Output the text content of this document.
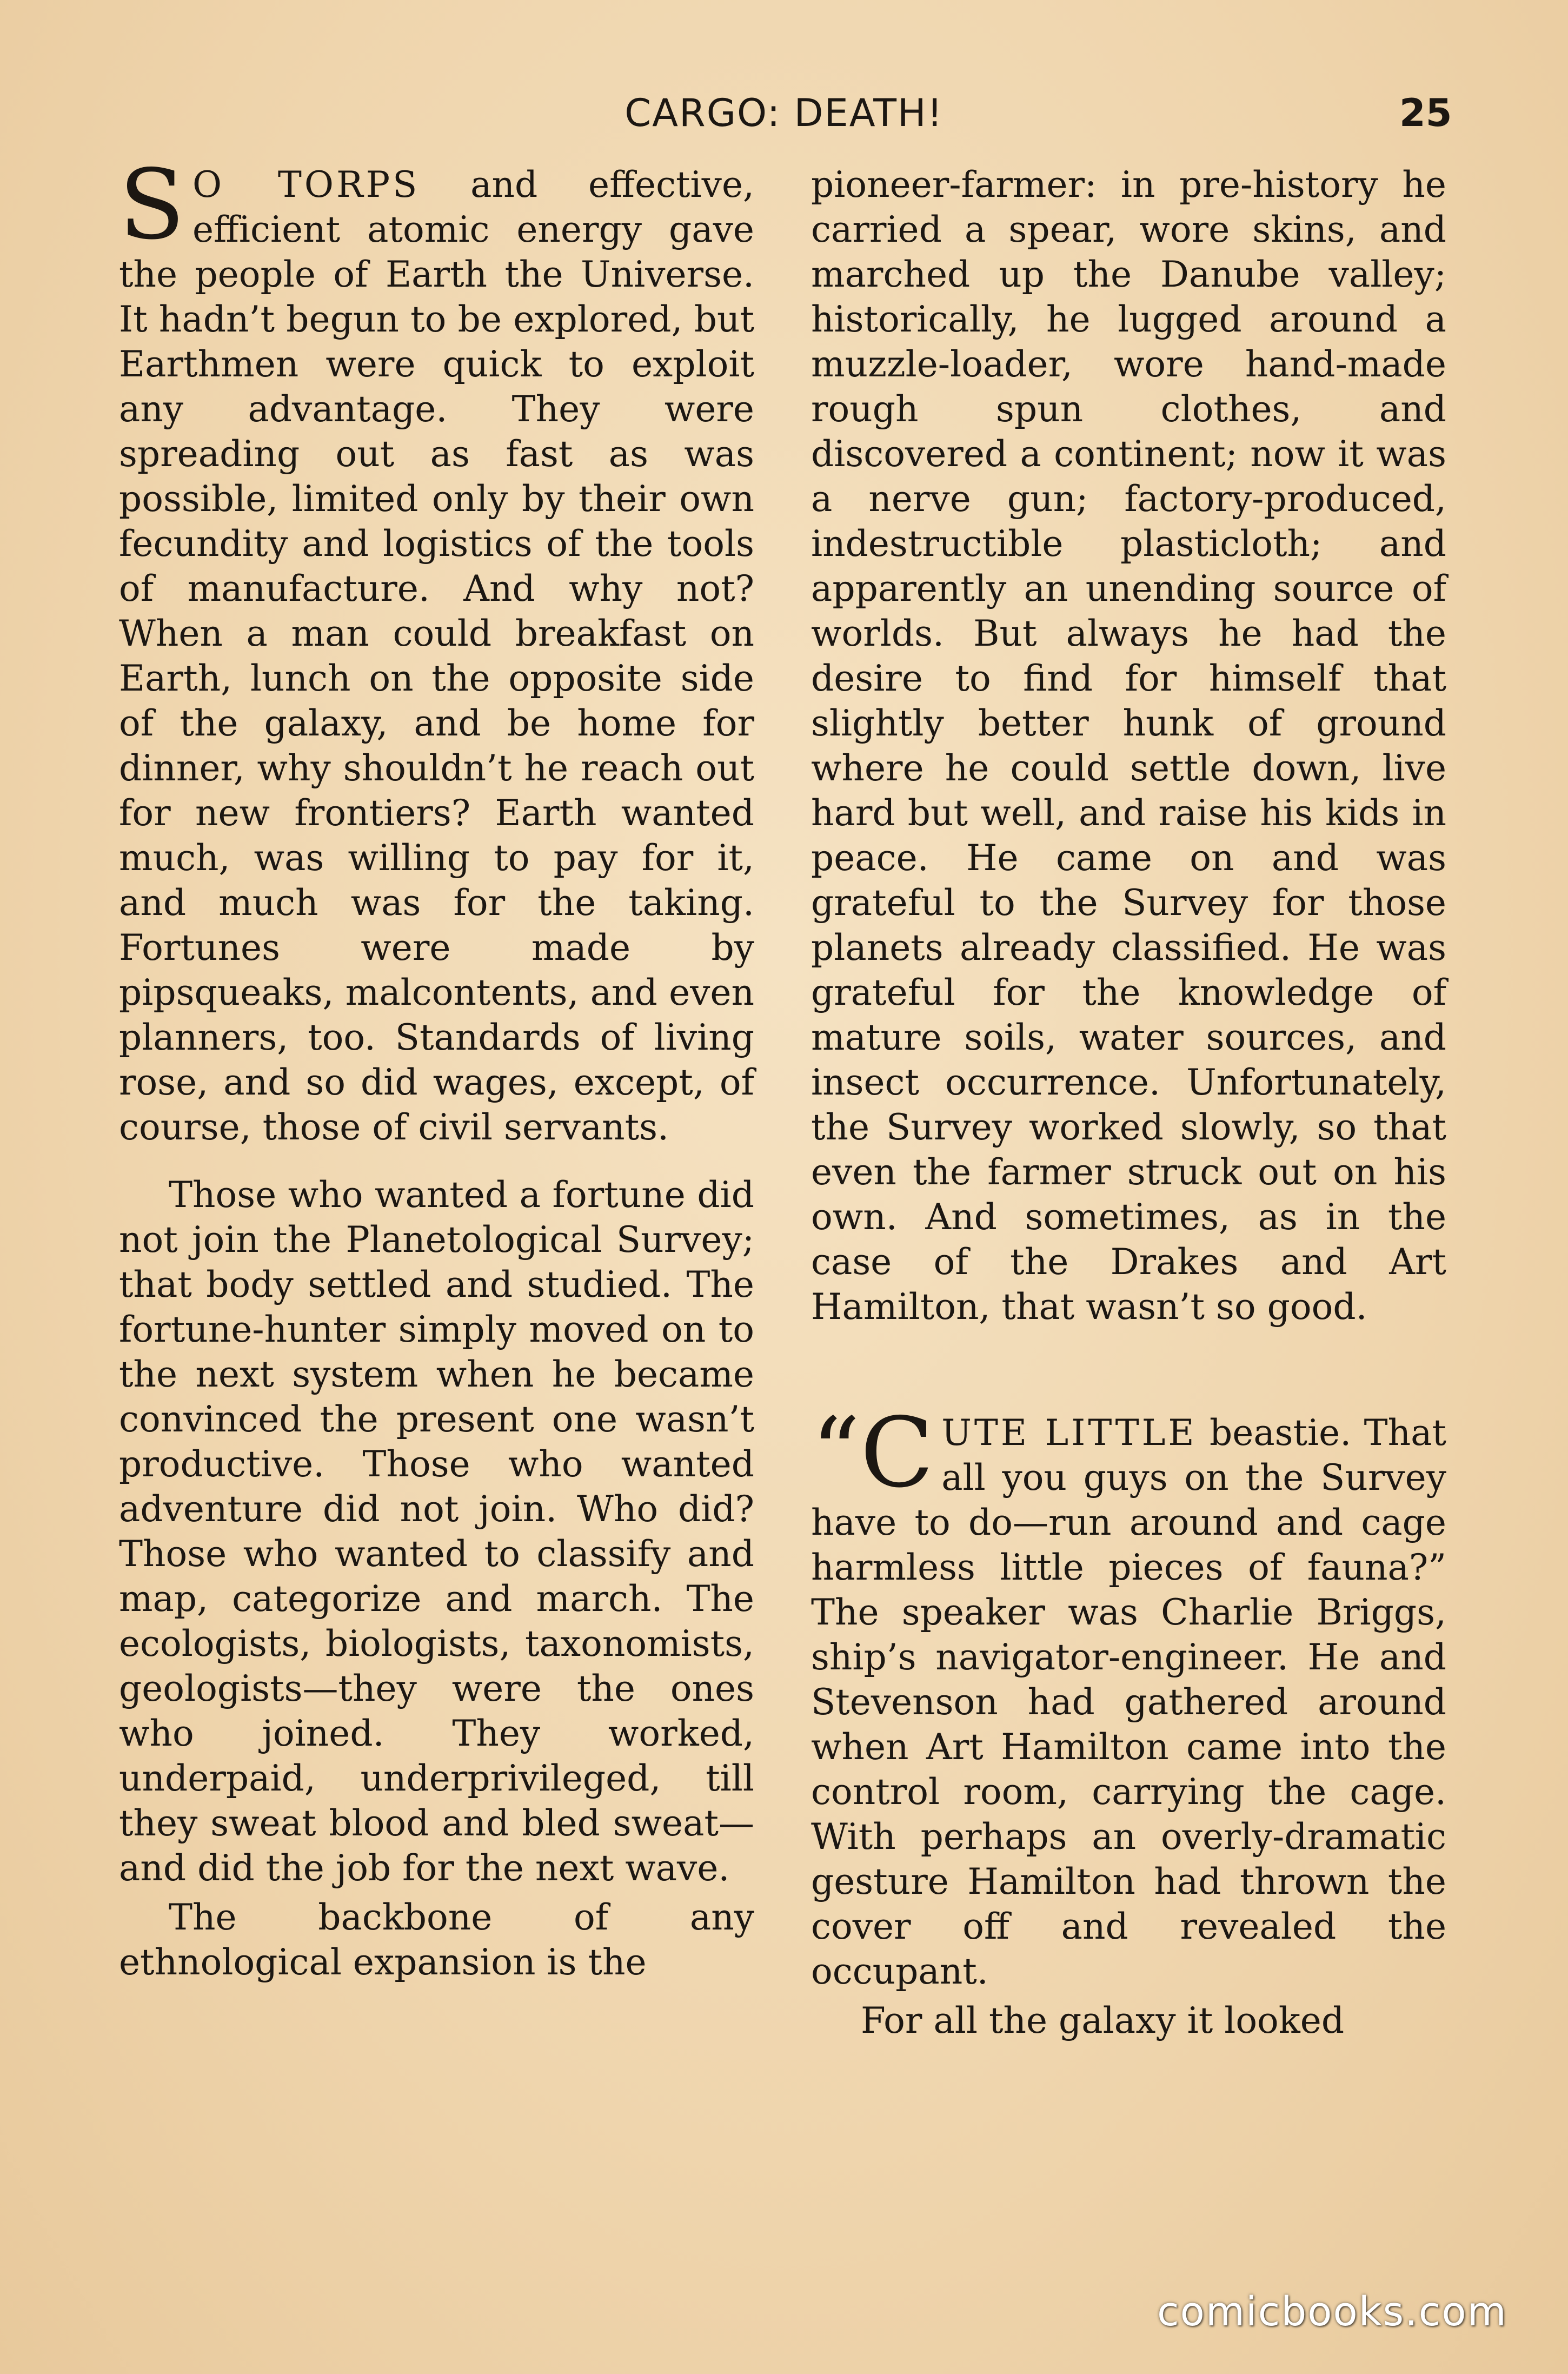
CARGO: DEATH!	25

S O TORPS and effective, efficient atomic energy gave the people of Earth the Universe. It hadn’t begun to be explored, but Earthmen were quick to exploit any advantage. They were spreading out as fast as was possible, limited only by their own fecundity and logistics of the tools of manufacture. And why not? When a man could breakfast on Earth, lunch on the opposite side of the galaxy, and be home for dinner, why shouldn’t he reach out for new frontiers? Earth wanted much, was willing to pay for it, and much was for the taking. Fortunes were made by pipsqueaks, malcontents, and even planners, too. Standards of living rose, and so did wages, except, of course, those of civil servants.

Those who wanted a fortune did not join the Planetological Survey; that body settled and studied. The fortune-hunter simply moved on to the next system when he became convinced the present one wasn’t productive. Those who wanted adventure did not join. Who did? Those who wanted to classify and map, categorize and march. The ecologists, biologists, taxonomists, geologists—they were the ones who joined. They worked, underpaid, underprivileged, till they sweat blood and bled sweat—and did the job for the next wave.

The backbone of any ethnological expansion is the

pioneer-farmer: in pre-history he carried a spear, wore skins, and marched up the Danube valley; historically, he lugged around a muzzle-loader, wore hand-made rough spun clothes, and discovered a continent; now it was a nerve gun; factory-produced, indestructible plasticloth; and apparently an unending source of worlds. But always he had the desire to find for himself that slightly better hunk of ground where he could settle down, live hard but well, and raise his kids in peace. He came on and was grateful to the Survey for those planets already classified. He was grateful for the knowledge of mature soils, water sources, and insect occurrence. Unfortunately, the Survey worked slowly, so that even the farmer struck out on his own. And sometimes, as in the case of the Drakes and Art Hamilton, that wasn’t so good.

“CUTE LITTLE beastie. That all you guys on the Survey have to do—run around and cage harmless little pieces of fauna?” The speaker was Charlie Briggs, ship’s navigator-engineer. He and Stevenson had gathered around when Art Hamilton came into the control room, carrying the cage. With perhaps an overly-dramatic gesture Hamilton had thrown the cover off and revealed the occupant.

For all the galaxy it looked

comicbooks.com
